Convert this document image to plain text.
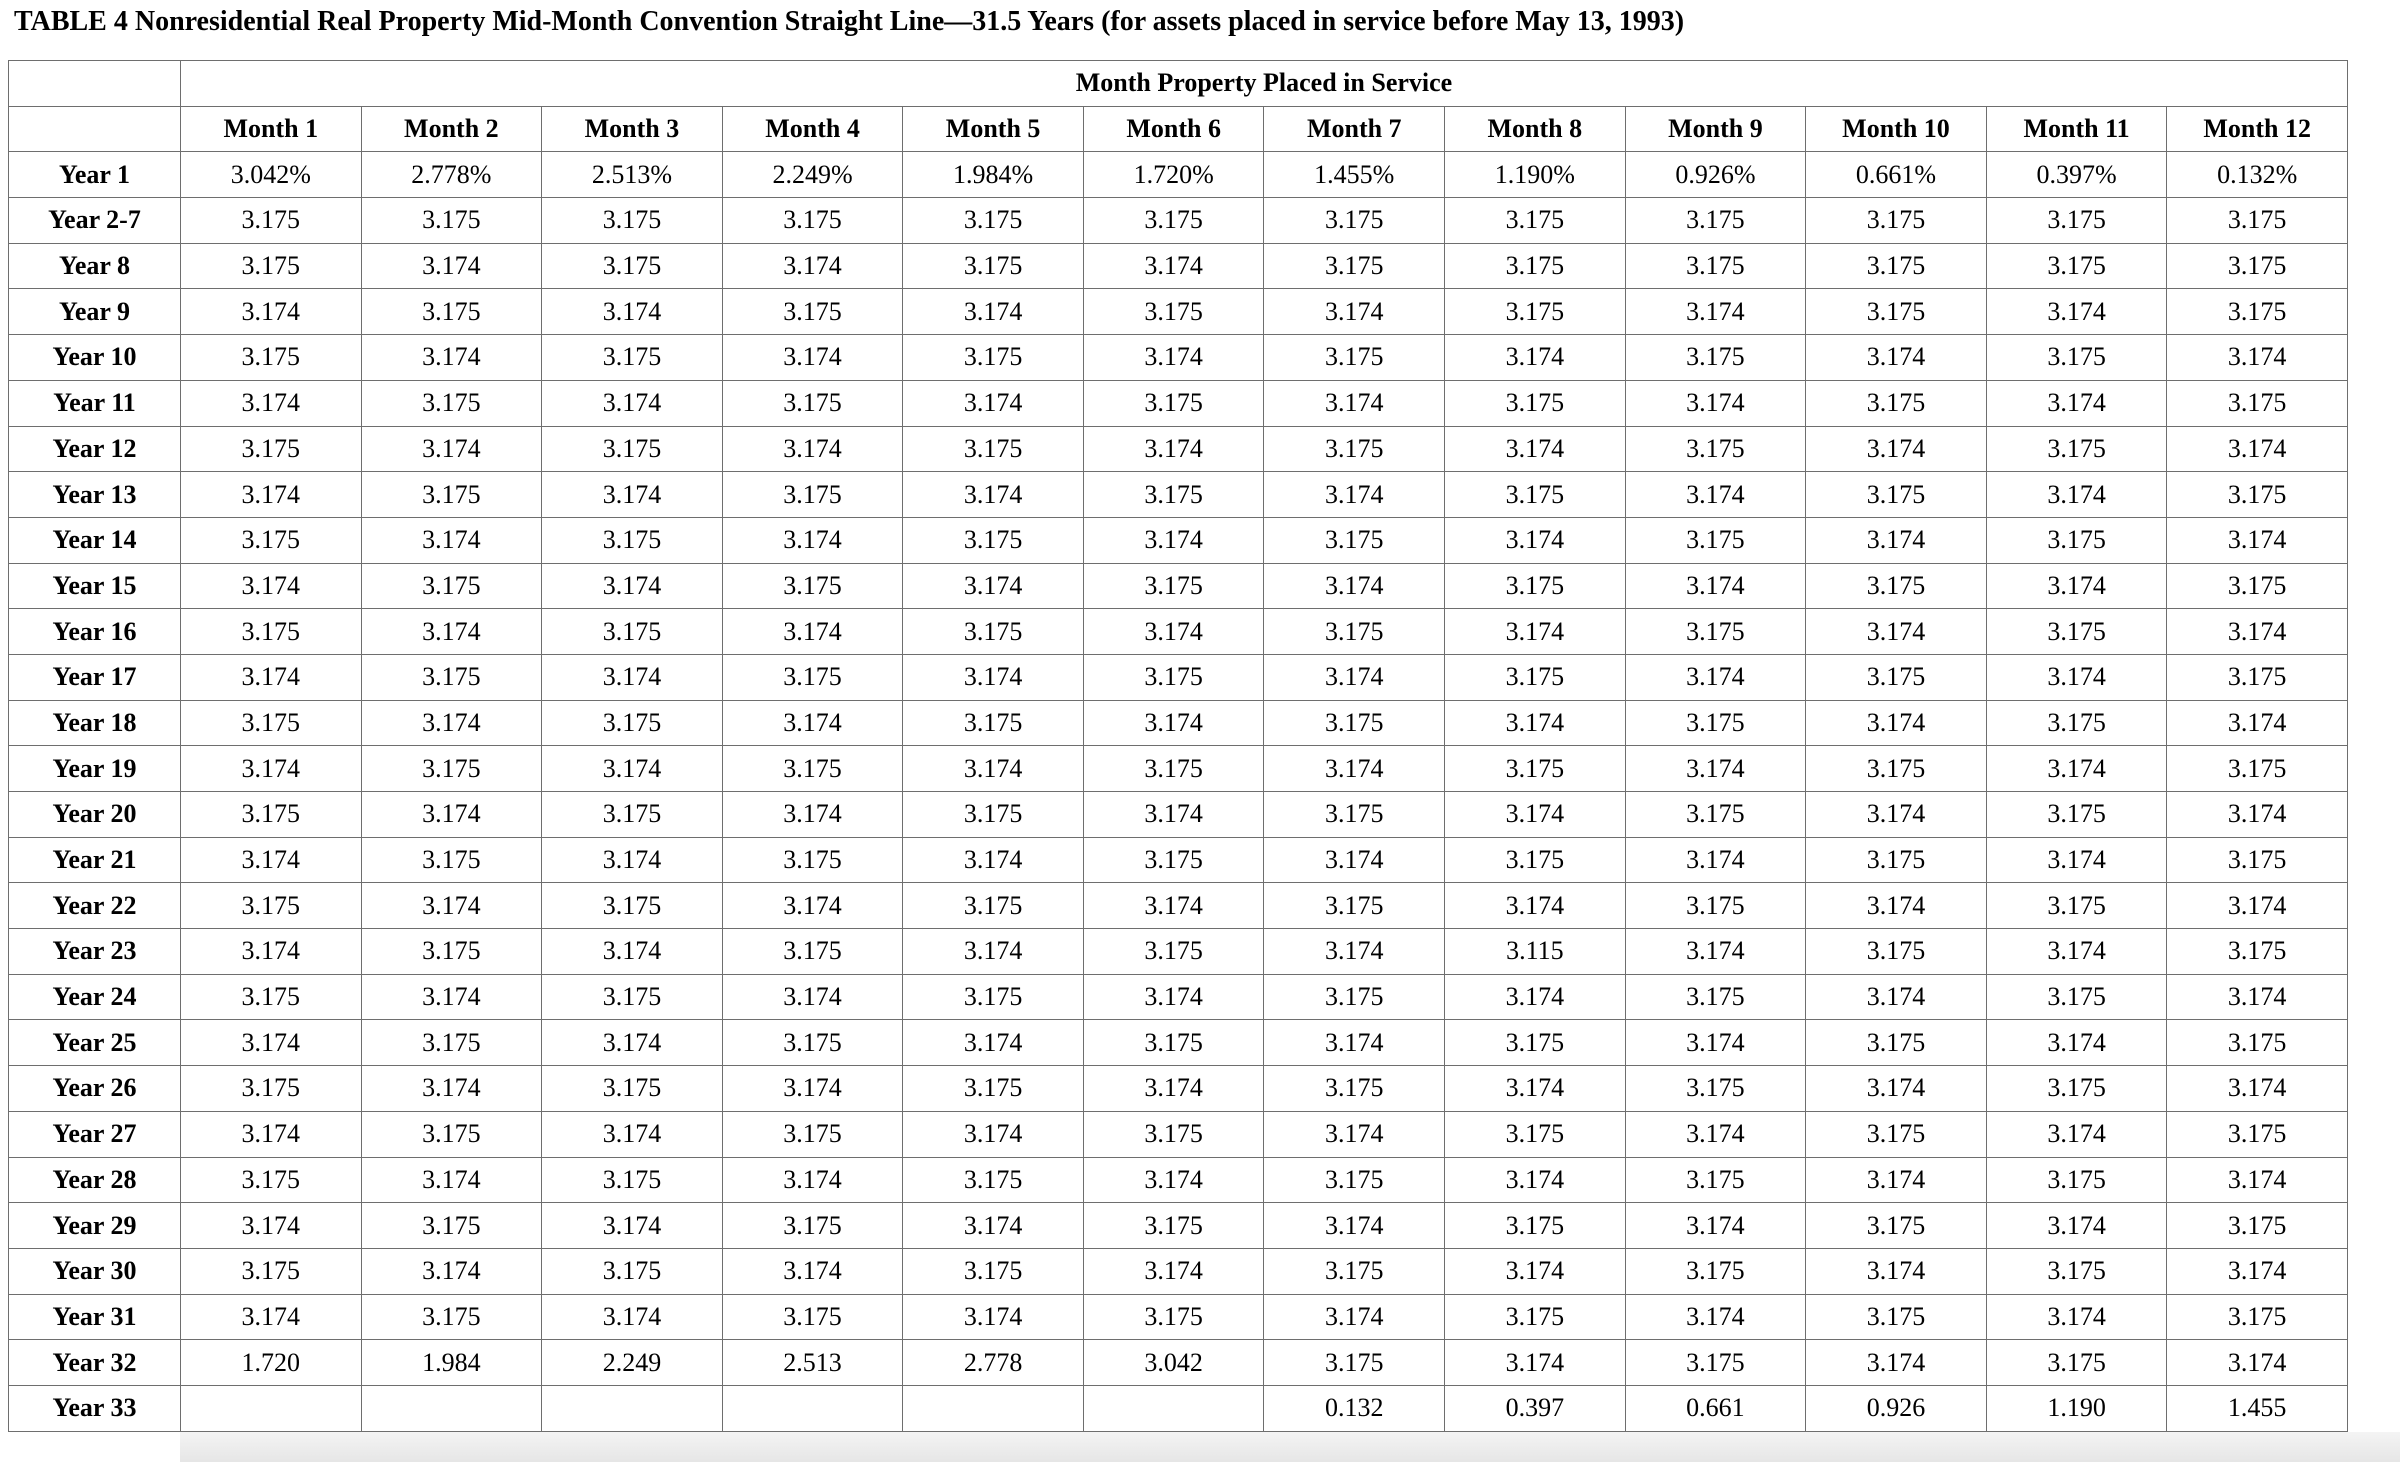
TABLE 4 Nonresidential Real Property Mid-Month Convention Straight Line—31.5 Years (for assets placed in service before May 13, 1993)
	Month Property Placed in Service											
	Month 1	Month 2	Month 3	Month 4	Month 5	Month 6	Month 7	Month 8	Month 9	Month 10	Month 11	Month 12
Year 1	3.042%	2.778%	2.513%	2.249%	1.984%	1.720%	1.455%	1.190%	0.926%	0.661%	0.397%	0.132%
Year 2-7	3.175	3.175	3.175	3.175	3.175	3.175	3.175	3.175	3.175	3.175	3.175	3.175
Year 8	3.175	3.174	3.175	3.174	3.175	3.174	3.175	3.175	3.175	3.175	3.175	3.175
Year 9	3.174	3.175	3.174	3.175	3.174	3.175	3.174	3.175	3.174	3.175	3.174	3.175
Year 10	3.175	3.174	3.175	3.174	3.175	3.174	3.175	3.174	3.175	3.174	3.175	3.174
Year 11	3.174	3.175	3.174	3.175	3.174	3.175	3.174	3.175	3.174	3.175	3.174	3.175
Year 12	3.175	3.174	3.175	3.174	3.175	3.174	3.175	3.174	3.175	3.174	3.175	3.174
Year 13	3.174	3.175	3.174	3.175	3.174	3.175	3.174	3.175	3.174	3.175	3.174	3.175
Year 14	3.175	3.174	3.175	3.174	3.175	3.174	3.175	3.174	3.175	3.174	3.175	3.174
Year 15	3.174	3.175	3.174	3.175	3.174	3.175	3.174	3.175	3.174	3.175	3.174	3.175
Year 16	3.175	3.174	3.175	3.174	3.175	3.174	3.175	3.174	3.175	3.174	3.175	3.174
Year 17	3.174	3.175	3.174	3.175	3.174	3.175	3.174	3.175	3.174	3.175	3.174	3.175
Year 18	3.175	3.174	3.175	3.174	3.175	3.174	3.175	3.174	3.175	3.174	3.175	3.174
Year 19	3.174	3.175	3.174	3.175	3.174	3.175	3.174	3.175	3.174	3.175	3.174	3.175
Year 20	3.175	3.174	3.175	3.174	3.175	3.174	3.175	3.174	3.175	3.174	3.175	3.174
Year 21	3.174	3.175	3.174	3.175	3.174	3.175	3.174	3.175	3.174	3.175	3.174	3.175
Year 22	3.175	3.174	3.175	3.174	3.175	3.174	3.175	3.174	3.175	3.174	3.175	3.174
Year 23	3.174	3.175	3.174	3.175	3.174	3.175	3.174	3.115	3.174	3.175	3.174	3.175
Year 24	3.175	3.174	3.175	3.174	3.175	3.174	3.175	3.174	3.175	3.174	3.175	3.174
Year 25	3.174	3.175	3.174	3.175	3.174	3.175	3.174	3.175	3.174	3.175	3.174	3.175
Year 26	3.175	3.174	3.175	3.174	3.175	3.174	3.175	3.174	3.175	3.174	3.175	3.174
Year 27	3.174	3.175	3.174	3.175	3.174	3.175	3.174	3.175	3.174	3.175	3.174	3.175
Year 28	3.175	3.174	3.175	3.174	3.175	3.174	3.175	3.174	3.175	3.174	3.175	3.174
Year 29	3.174	3.175	3.174	3.175	3.174	3.175	3.174	3.175	3.174	3.175	3.174	3.175
Year 30	3.175	3.174	3.175	3.174	3.175	3.174	3.175	3.174	3.175	3.174	3.175	3.174
Year 31	3.174	3.175	3.174	3.175	3.174	3.175	3.174	3.175	3.174	3.175	3.174	3.175
Year 32	1.720	1.984	2.249	2.513	2.778	3.042	3.175	3.174	3.175	3.174	3.175	3.174
Year 33							0.132	0.397	0.661	0.926	1.190	1.455
